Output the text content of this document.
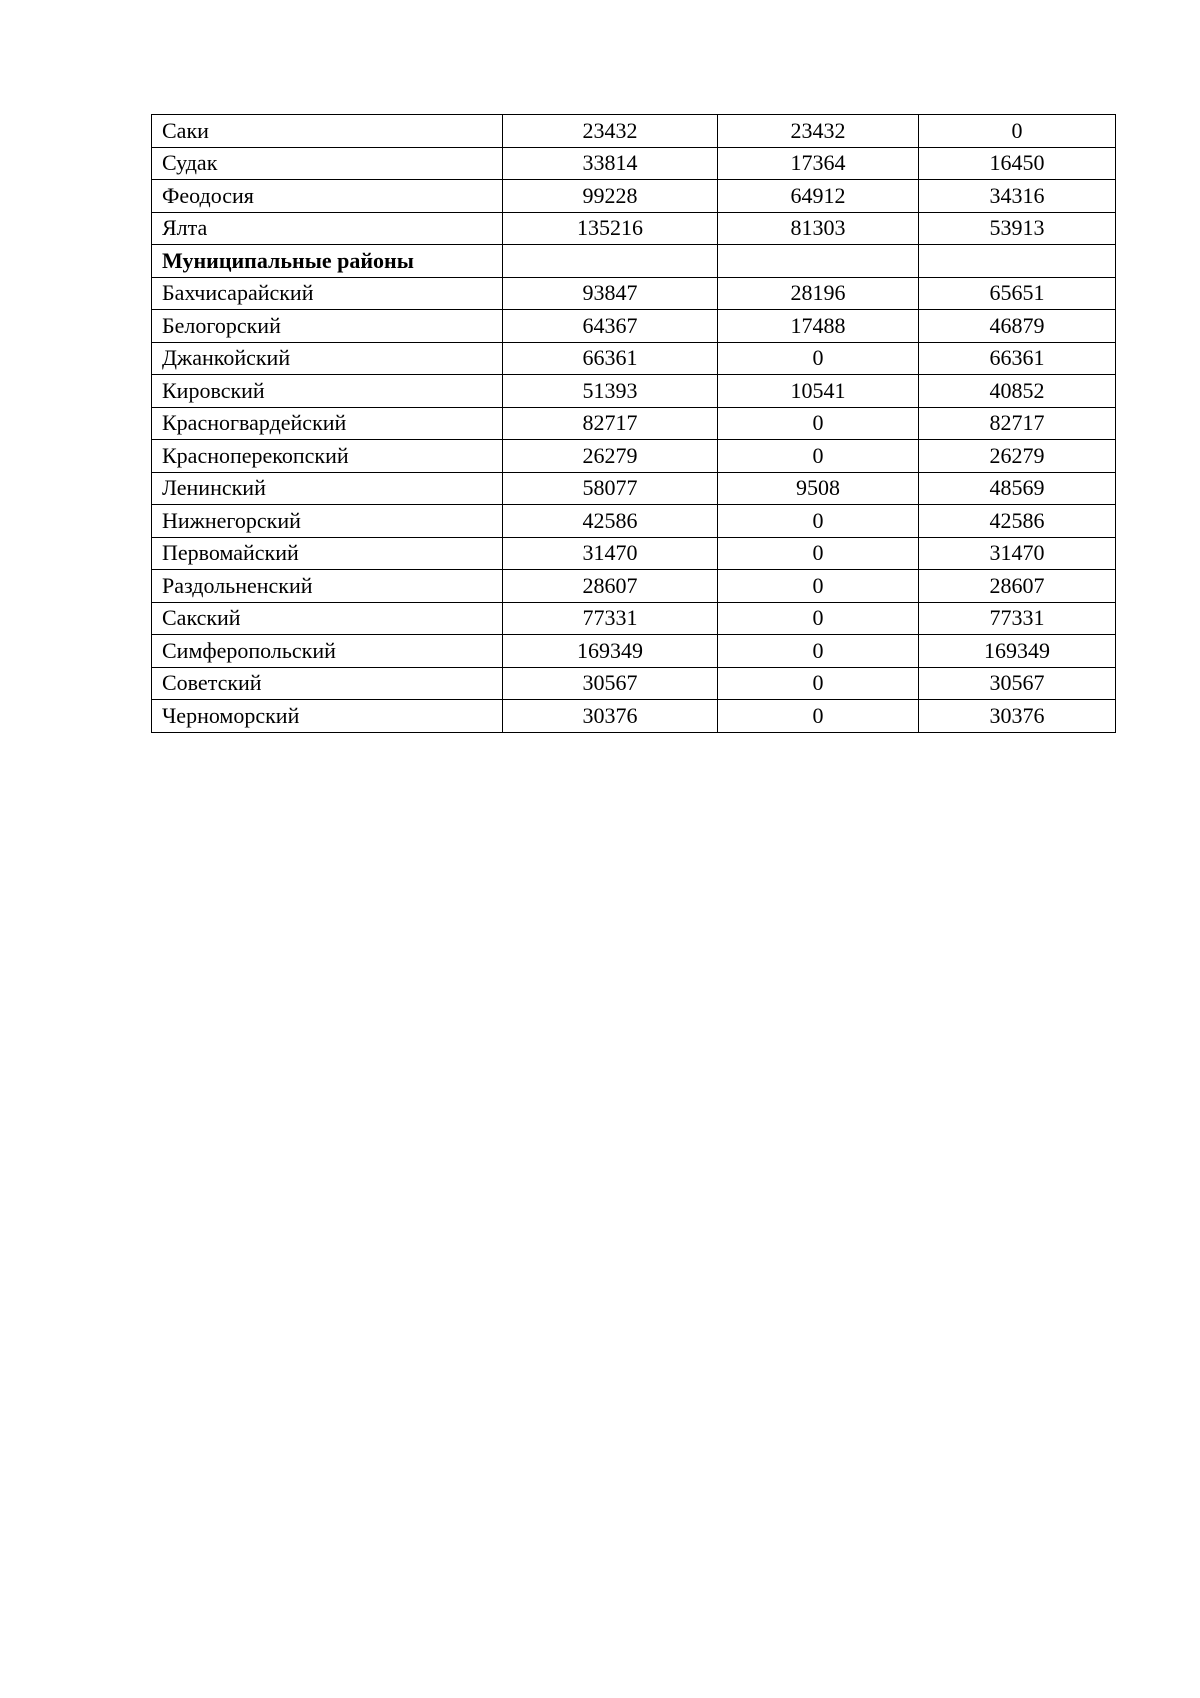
Саки	23432	23432	0
Судак	33814	17364	16450
Феодосия	99228	64912	34316
Ялта	135216	81303	53913
Муниципальные районы			
Бахчисарайский	93847	28196	65651
Белогорский	64367	17488	46879
Джанкойский	66361	0	66361
Кировский	51393	10541	40852
Красногвардейский	82717	0	82717
Красноперекопский	26279	0	26279
Ленинский	58077	9508	48569
Нижнегорский	42586	0	42586
Первомайский	31470	0	31470
Раздольненский	28607	0	28607
Сакский	77331	0	77331
Симферопольский	169349	0	169349
Советский	30567	0	30567
Черноморский	30376	0	30376
